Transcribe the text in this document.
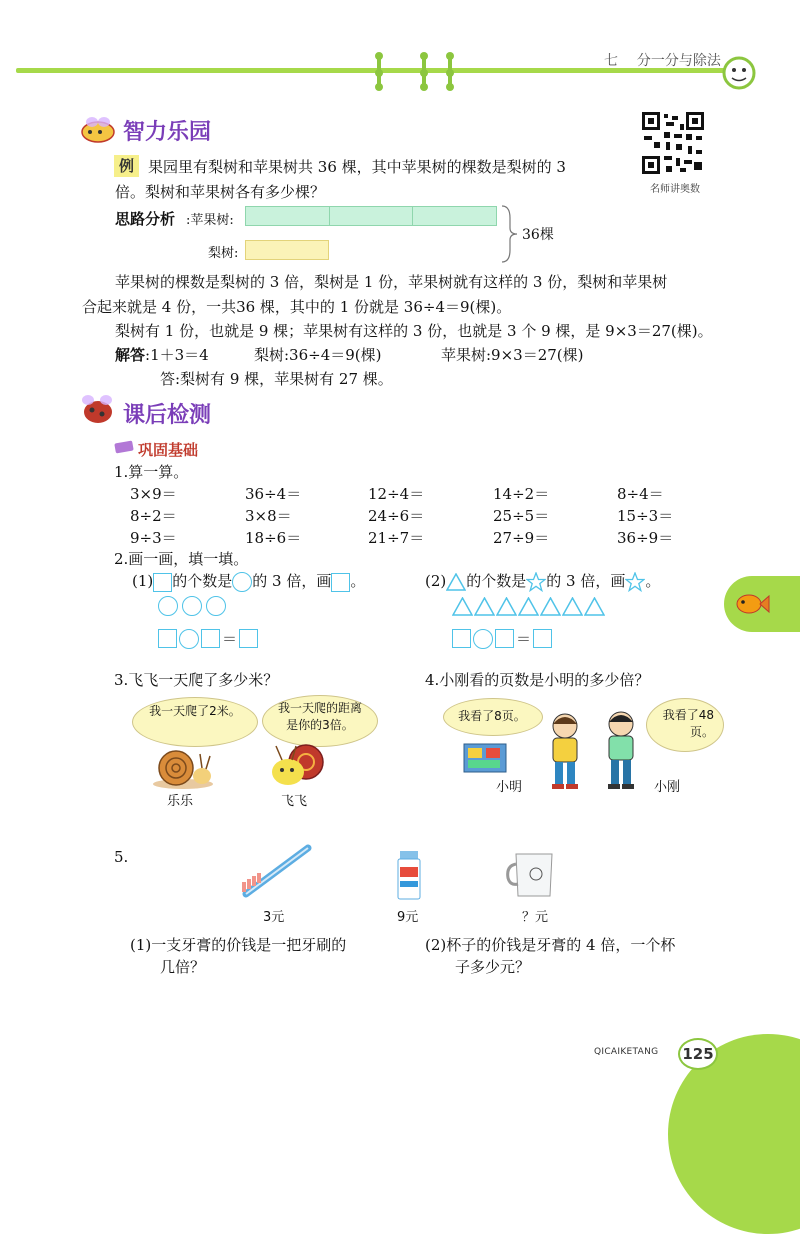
七 分一分与除法
智力乐园
名师讲奥数
例 果园里有梨树和苹果树共 36 棵，其中苹果树的棵数是梨树的 3
倍。梨树和苹果树各有多少棵？
思路分析 :苹果树:
梨树:
36棵
苹果树的棵数是梨树的 3 倍，梨树是 1 份，苹果树就有这样的 3 份，梨树和苹果树
合起来就是 4 份，一共36 棵，其中的 1 份就是 36÷4＝9(棵)。
梨树有 1 份，也就是 9 棵；苹果树有这样的 3 份，也就是 3 个 9 棵，是 9×3＝27(棵)。
解答:1＋3＝4	梨树:36÷4＝9(棵)	苹果树:9×3＝27(棵)
答:梨树有 9 棵，苹果树有 27 棵。
课后检测
巩固基础
1.算一算。
3×9＝	36÷4＝	12÷4＝	14÷2＝	8÷4＝
8÷2＝	3×8＝	24÷6＝	25÷5＝	15÷3＝
9÷3＝	18÷6＝	21÷7＝	27÷9＝	36÷9＝
2.画一画，填一填。
(1) 的个数是 的 3 倍，画 。
＝
(2) 的个数是 的 3 倍，画 。
＝
3.飞飞一天爬了多少米？
我一天爬了2米。	我一天爬的距离是你的3倍。
乐乐	飞飞
4.小刚看的页数是小明的多少倍？
我看了8页。	我看了48页。
小明	小刚
5.
3元	9元	？元
(1)一支牙膏的价钱是一把牙刷的
几倍？
(2)杯子的价钱是牙膏的 4 倍，一个杯
子多少元？
QICAIKETANG 125
